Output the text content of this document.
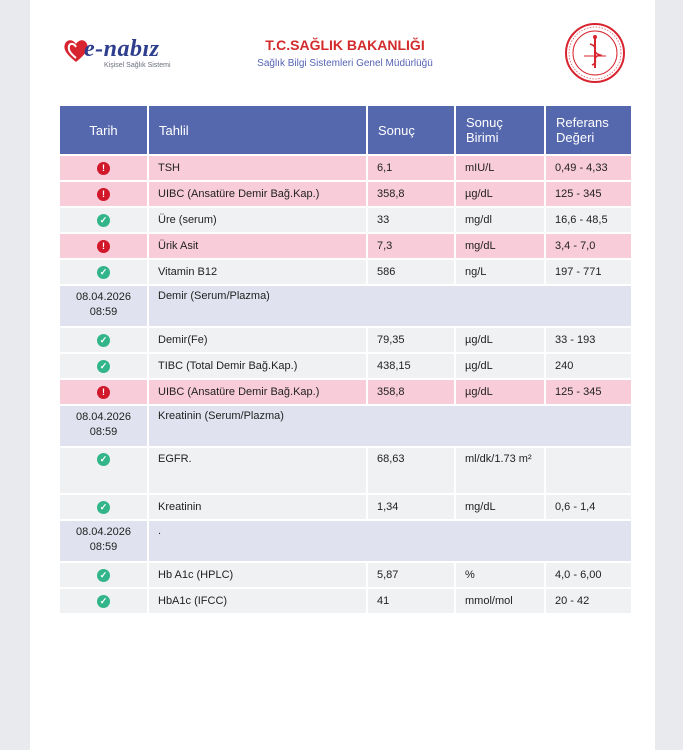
e-nabız
Kişisel Sağlık Sistemi
T.C.SAĞLIK BAKANLIĞI
Sağlık Bilgi Sistemleri Genel Müdürlüğü
Tarih	Tahlil	Sonuç	Sonuç Birimi	Referans Değeri
!	TSH	6,1	mIU/L	0,49 - 4,33
!	UIBC (Ansatüre Demir Bağ.Kap.)	358,8	µg/dL	125 - 345
✓	Üre (serum)	33	mg/dl	16,6 - 48,5
!	Ürik Asit	7,3	mg/dL	3,4 - 7,0
✓	Vitamin B12	586	ng/L	197 - 771
08.04.2026
08:59	Demir (Serum/Plazma)			
✓	Demir(Fe)	79,35	µg/dL	33 - 193
✓	TIBC (Total Demir Bağ.Kap.)	438,15	µg/dL	240
!	UIBC (Ansatüre Demir Bağ.Kap.)	358,8	µg/dL	125 - 345
08.04.2026
08:59	Kreatinin (Serum/Plazma)			
✓	EGFR.	68,63	ml/dk/1.73 m²	
✓	Kreatinin	1,34	mg/dL	0,6 - 1,4
08.04.2026
08:59	.			
✓	Hb A1c (HPLC)	5,87	%	4,0 - 6,00
✓	HbA1c (IFCC)	41	mmol/mol	20 - 42
